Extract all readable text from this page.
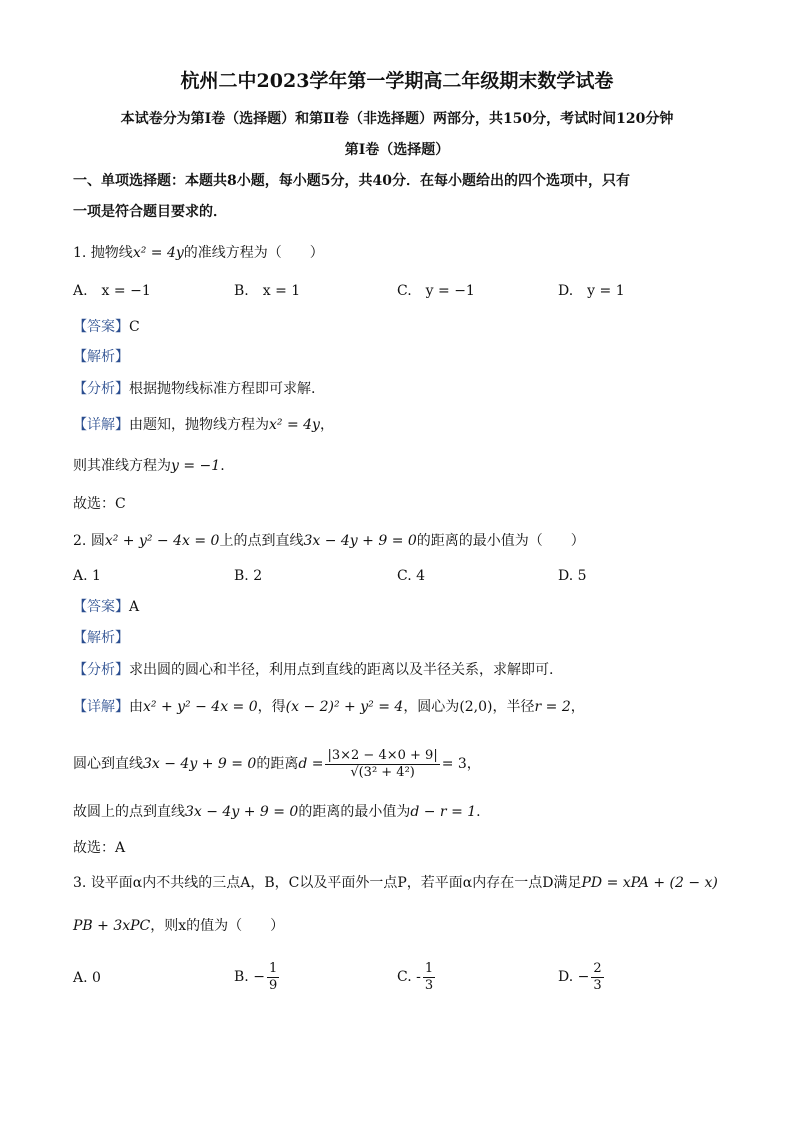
杭州二中2023学年第一学期高二年级期末数学试卷
本试卷分为第Ⅰ卷（选择题）和第Ⅱ卷（非选择题）两部分，共150分，考试时间120分钟
第Ⅰ卷（选择题）
一、单项选择题：本题共8小题，每小题5分，共40分．在每小题给出的四个选项中，只有
一项是符合题目要求的．
1. 抛物线x² = 4y的准线方程为（　　）
A.　x = −1	B.　x = 1	C.　y = −1	D.　y = 1
【答案】C
【解析】
【分析】根据抛物线标准方程即可求解.
【详解】由题知，抛物线方程为x² = 4y，
则其准线方程为y = −1.
故选：C
2. 圆x² + y² − 4x = 0上的点到直线3x − 4y + 9 = 0的距离的最小值为（　　）
A. 1	B. 2	C. 4	D. 5
【答案】A
【解析】
【分析】求出圆的圆心和半径，利用点到直线的距离以及半径关系，求解即可.
【详解】由x² + y² − 4x = 0，得(x − 2)² + y² = 4，圆心为(2,0)，半径r = 2，
圆心到直线3x − 4y + 9 = 0的距离$d = \frac{|3\times 2 - 4\times 0 + 9|}{\text{√(3² + 4²)}} = 3$，
故圆上的点到直线3x − 4y + 9 = 0的距离的最小值为d − r = 1.
故选：A
3. 设平面α内不共线的三点A，B，C以及平面外一点P，若平面α内存在一点D满足PD = xPA + (2 − x)
PB + 3xPC，则x的值为（　　）
A. 0	B. − $\frac{1}{9}$	C. - $\frac{1}{3}$	D. − $\frac{2}{3}$
